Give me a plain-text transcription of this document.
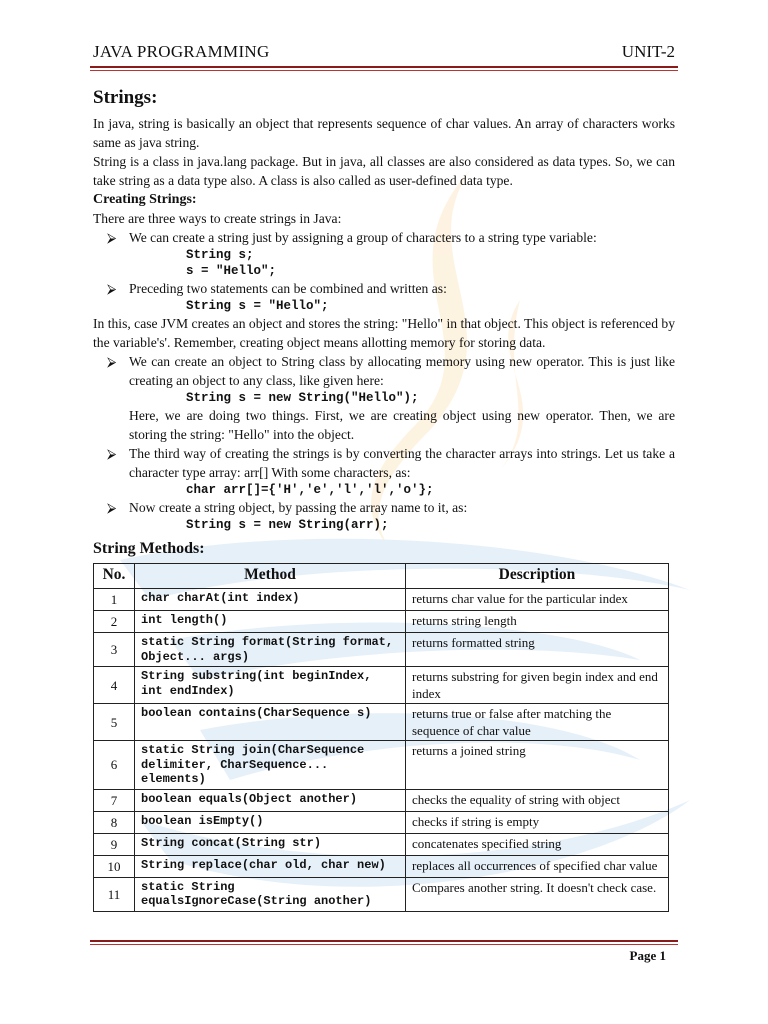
JAVA PROGRAMMING	UNIT-2
Strings:

In java, string is basically an object that represents sequence of char values. An array of characters works same as java string.

String is a class in java.lang package. But in java, all classes are also considered as data types. So, we can take string as a data type also. A class is also called as user-defined data type.

Creating Strings:

There are three ways to create strings in Java:

⮚ We can create a string just by assigning a group of characters to a string type variable:
String s;
s = "Hello";
⮚ Preceding two statements can be combined and written as:
String s = "Hello";

In this, case JVM creates an object and stores the string: "Hello" in that object. This object is referenced by the variable's'. Remember, creating object means allotting memory for storing data.

⮚ We can create an object to String class by allocating memory using new operator. This is just like creating an object to any class, like given here:
String s = new String("Hello");

Here, we are doing two things. First, we are creating object using new operator. Then, we are storing the string: "Hello" into the object.

⮚ The third way of creating the strings is by converting the character arrays into strings. Let us take a character type array: arr[] With some characters, as:
char arr[]={'H','e','l','l','o'};
⮚ Now create a string object, by passing the array name to it, as:
String s = new String(arr);
String Methods:
No.	Method	Description
1	char charAt(int index)	returns char value for the particular index
2	int length()	returns string length
3	static String format(String format, Object... args)	returns formatted string
4	String substring(int beginIndex, int endIndex)	returns substring for given begin index and end index
5	boolean contains(CharSequence s)	returns true or false after matching the sequence of char value
6	static String join(CharSequence delimiter, CharSequence... elements)	returns a joined string
7	boolean equals(Object another)	checks the equality of string with object
8	boolean isEmpty()	checks if string is empty
9	String concat(String str)	concatenates specified string
10	String replace(char old, char new)	replaces all occurrences of specified char value
11	static String equalsIgnoreCase(String another)	Compares another string. It doesn't check case.
Page 1
